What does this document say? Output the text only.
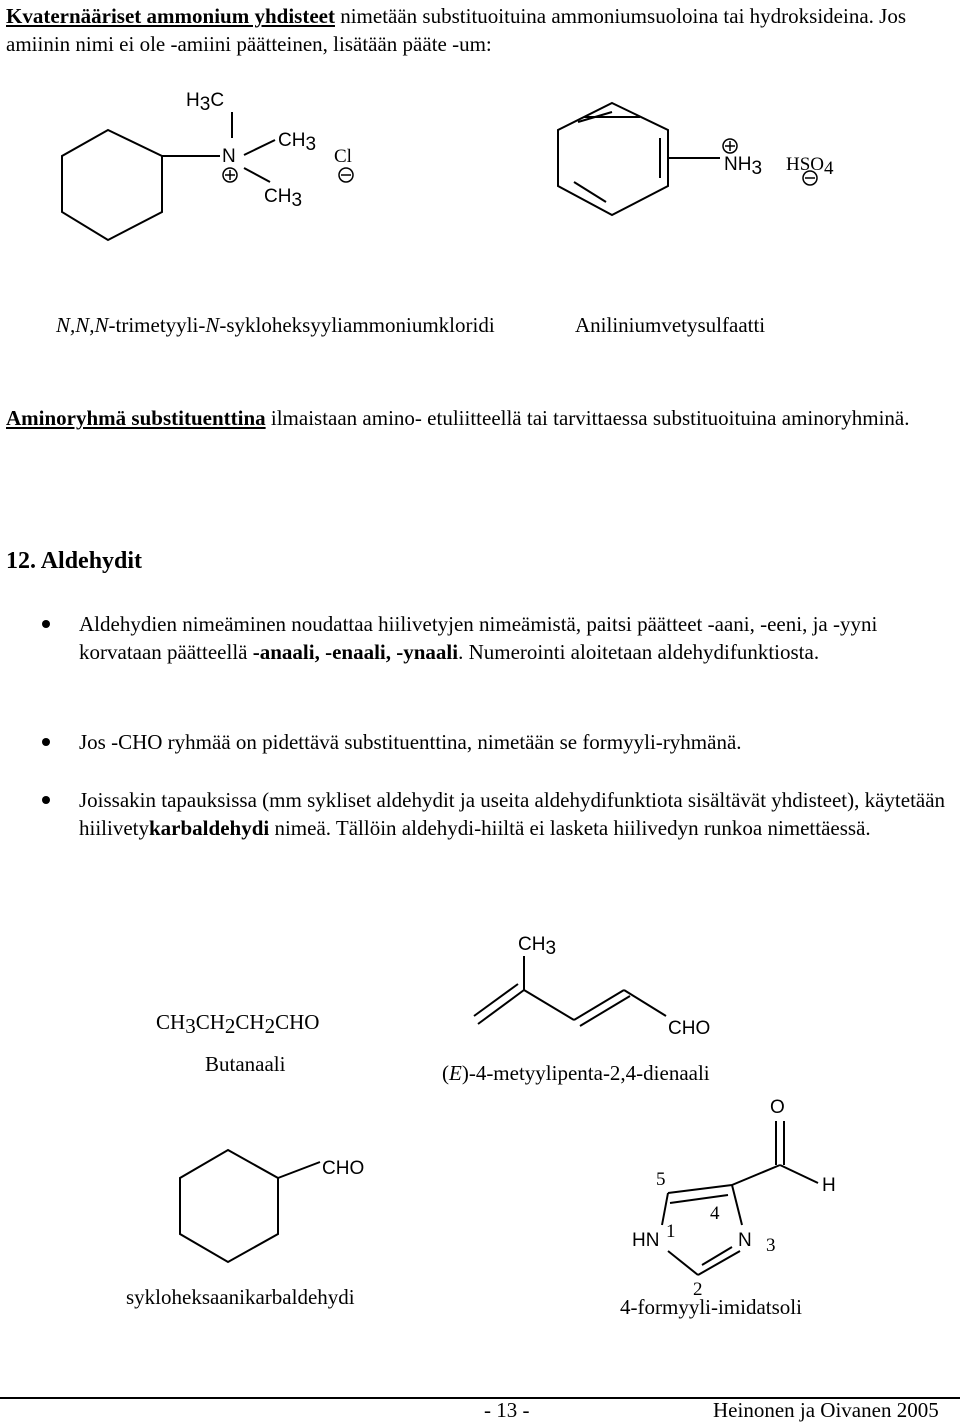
Kvaternääriset ammonium yhdisteet nimetään substituoituina ammoniumsuoloina tai hydroksideina. Jos amiinin nimi ei ole -amiini päätteinen, lisätään pääte -um:
H3C
N
CH3
CH3
Cl	NH3 HSO4
N,N,N-trimetyyli-N-sykloheksyyliammoniumkloridi	Aniliniumvetysulfaatti
Aminoryhmä substituenttina ilmaistaan amino- etuliitteellä tai tarvittaessa substituoituina aminoryhminä.
12. Aldehydit
Aldehydien nimeäminen noudattaa hiilivetyjen nimeämistä, paitsi päätteet -aani, -eeni, ja -yyni korvataan päätteellä -anaali, -enaali, -ynaali. Numerointi aloitetaan aldehydifunktiosta.
Jos -CHO ryhmää on pidettävä substituenttina, nimetään se formyyli-ryhmänä.
Joissakin tapauksissa (mm sykliset aldehydit ja useita aldehydifunktiota sisältävät yhdisteet), käytetään hiilivetykarbaldehydi nimeä. Tällöin aldehydi-hiiltä ei lasketa hiilivedyn runkoa nimettäessä.
CH3CH2CH2CHO
Butanaali
CH3
CHO
(E)-4-metyylipenta-2,4-dienaali
CHO
sykloheksaanikarbaldehydi
O
H
HN	N
1
2
3
4
5
4-formyyli-imidatsoli
- 13 -	Heinonen ja Oivanen 2005
